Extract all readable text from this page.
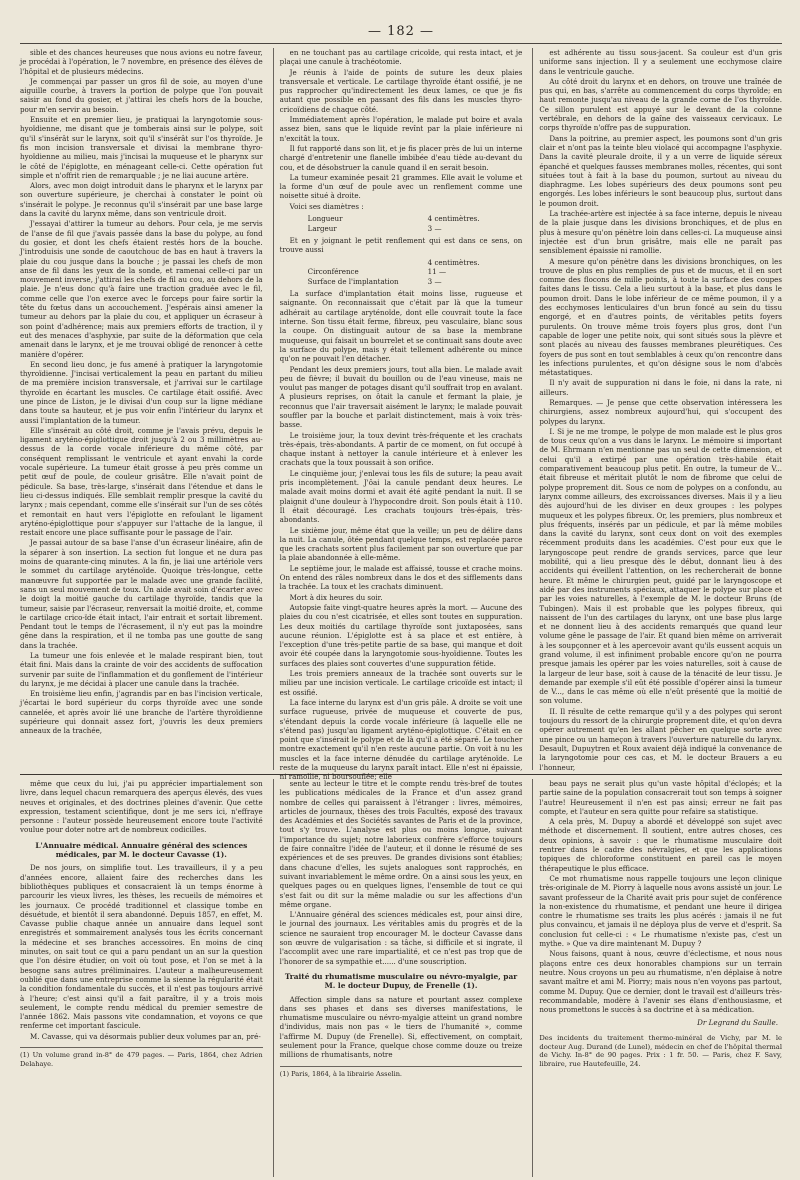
— 182 —

sible et des chances heureuses que nous avions eu notre faveur, je procédai à l'opération, le 7 novembre, en présence des élèves de l'hôpital et de plusieurs médecins.

Je commençai par passer un gros fil de soie, au moyen d'une aiguille courbe, à travers la portion de polype que l'on pouvait saisir au fond du gosier, et j'attirai les chefs hors de la bouche, pour m'en servir au besoin.

Ensuite et en premier lieu, je pratiquai la laryngotomie sous-hyoïdienne, me disant que je tomberais ainsi sur le polype, soit qu'il s'insérât sur le larynx, soit qu'il s'insérât sur l'os thyroïde. Je fis mon incision transversale et divisai la membrane thyro-hyoïdienne au milieu, mais j'incisai la muqueuse et le pharynx sur le côté de l'épiglotte, en ménageant celle-ci. Cette opération fut simple et n'offrit rien de remarquable ; je ne liai aucune artère.

Alors, avec mon doigt introduit dans le pharynx et le larynx par son ouverture supérieure, je cherchai à constater le point où s'insérait le polype. Je reconnus qu'il s'insérait par une base large dans la cavité du larynx même, dans son ventricule droit.

J'essayai d'attirer la tumeur au dehors. Pour cela, je me servis de l'anse de fil que j'avais passée dans la base du polype, au fond du gosier, et dont les chefs étaient restés hors de la bouche. J'introduisis une sonde de caoutchouc de bas en haut à travers la plaie du cou jusque dans la bouche ; je passai les chefs de mon anse de fil dans les yeux de la sonde, et ramenai celle-ci par un mouvement inverse, j'attirai les chefs de fil au cou, au dehors de la plaie. Je n'eus donc qu'à faire une traction graduée avec le fil, comme celle que l'on exerce avec le forceps pour faire sortir la tête du fœtus dans un accouchement. J'espérais ainsi amener la tumeur au dehors par la plaie du cou, et appliquer un écraseur à son point d'adhérence; mais aux premiers efforts de traction, il y eut des menaces d'asphyxie, par suite de la déformation que cela amenait dans le larynx, et je me trouvai obligé de renoncer à cette manière d'opérer.

En second lieu donc, je fus amené à pratiquer la laryngotomie thyroïdienne. J'incisai verticalement la peau en partant du milieu de ma première incision transversale, et j'arrivai sur le cartilage thyroïde en écartant les muscles. Ce cartilage était ossifié. Avec une pince de Liston, je le divisai d'un coup sur la ligne médiane dans toute sa hauteur, et je pus voir enfin l'intérieur du larynx et aussi l'implantation de la tumeur.

Elle s'insérait au côté droit, comme je l'avais prévu, depuis le ligament aryténo-épiglottique droit jusqu'à 2 ou 3 millimètres au-dessus de la corde vocale inférieure du même côté, par conséquent remplissant le ventricule et ayant envahi la corde vocale supérieure. La tumeur était grosse à peu près comme un petit œuf de poule, de couleur grisâtre. Elle n'avait point de pédicule. Sa base, très-large, s'insérait dans l'étendue et dans le lieu ci-dessus indiqués. Elle semblait remplir presque la cavité du larynx ; mais cependant, comme elle s'insérait sur l'un de ses côtés et remontait en haut vers l'épiglotte en refoulant le ligament aryténo-épiglottique pour s'appuyer sur l'attache de la langue, il restait encore une place suffisante pour le passage de l'air.

Je passai autour de sa base l'anse d'un écraseur linéaire, afin de la séparer à son insertion. La section fut longue et ne dura pas moins de quarante-cinq minutes. A la fin, je liai une artériole vers le sommet du cartilage aryténoïde. Quoique très-longue, cette manœuvre fut supportée par le malade avec une grande facilité, sans un seul mouvement de toux. Un aide avait soin d'écarter avec le doigt la moitié gauche du cartilage thyroïde, tandis que la tumeur, saisie par l'écraseur, renversait la moitié droite, et, comme le cartilage crico-ïde était intact, l'air entrait et sortait librement. Pendant tout le temps de l'écrasement, il n'y eut pas la moindre gêne dans la respiration, et il ne tomba pas une goutte de sang dans la trachée.

La tumeur une fois enlevée et le malade respirant bien, tout était fini. Mais dans la crainte de voir des accidents de suffocation survenir par suite de l'inflammation et du gonflement de l'intérieur du larynx, je me décidai à placer une canule dans la trachée.

En troisième lieu enfin, j'agrandis par en bas l'incision verticale, j'écartai le bord supérieur du corps thyroïde avec une sonde cannelée, et après avoir lié une branche de l'artère thyroïdienne supérieure qui donnait assez fort, j'ouvris les deux premiers anneaux de la trachée,

en ne touchant pas au cartilage cricoïde, qui resta intact, et je plaçai une canule à trachéotomie.

Je réunis à l'aide de points de suture les deux plaies transversale et verticale. Le cartilage thyroïde étant ossifié, je ne pus rapprocher qu'indirectement les deux lames, ce que je fis autant que possible en passant des fils dans les muscles thyro-cricoïdiens de chaque côté.

Immédiatement après l'opération, le malade put boire et avala assez bien, sans que le liquide revînt par la plaie inférieure ni n'excitât la toux.

Il fut rapporté dans son lit, et je fis placer près de lui un interne chargé d'entretenir une flanelle imbibée d'eau tiède au-devant du cou, et de désobstruer la canule quand il en serait besoin.

La tumeur examinée pesait 21 grammes. Elle avait le volume et la forme d'un œuf de poule avec un renflement comme une noisette situé à droite.

Voici ses diamètres :

Longueur	4 centimètres.
Largeur	3 —

Et en y joignant le petit renflement qui est dans ce sens, on trouve aussi

4 centimètres.
Circonférence	11 —
Surface de l'implantation	3 —

La surface d'implantation était moins lisse, rugueuse et saignante. On reconnaissait que c'était par là que la tumeur adhérait au cartilage aryténoïde, dont elle couvrait toute la face interne. Son tissu était ferme, fibreux, peu vasculaire, blanc sous la coupe. On distinguait autour de sa base la membrane muqueuse, qui faisait un bourrelet et se continuait sans doute avec la surface du polype, mais y était tellement adhérente ou mince qu'on ne pouvait l'en détacher.

Pendant les deux premiers jours, tout alla bien. Le malade avait peu de fièvre; il buvait du bouillon ou de l'eau vineuse, mais ne voulut pas manger de potages disant qu'il souffrait trop en avalant. A plusieurs reprises, on ôtait la canule et fermant la plaie, je reconnus que l'air traversait aisément le larynx; le malade pouvait souffler par la bouche et parlait distinctement, mais à voix très-basse.

Le troisième jour, la toux devint très-fréquente et les crachats très-épais, très-abondants. A partir de ce moment, on fut occupé à chaque instant à nettoyer la canule intérieure et à enlever les crachats que la toux poussait à son orifice.

Le cinquième jour, j'enlevai tous les fils de suture; la peau avait pris incomplètement. J'ôai la canule pendant deux heures. Le malade avait moins dormi et avait été agité pendant la nuit. Il se plaignit d'une douleur à l'hypocondre droit. Son pouls était à 110. Il était découragé. Les crachats toujours très-épais, très-abondants.

Le sixième jour, même état que la veille; un peu de délire dans la nuit. La canule, ôtée pendant quelque temps, est replacée parce que les crachats sortent plus facilement par son ouverture que par la plaie abandonnée à elle-même.

Le septième jour, le malade est affaissé, tousse et crache moins. On entend des râles nombreux dans le dos et des sifflements dans la trachée. La toux et les crachats diminuent.

Mort à dix heures du soir.

Autopsie faite vingt-quatre heures après la mort. — Aucune des plaies du cou n'est cicatrisée, et elles sont toutes en suppuration. Les deux moitiés du cartilage thyroïde sont juxtaposées, sans aucune réunion. L'épiglotte est à sa place et est entière, à l'exception d'une très-petite partie de sa base, qui manque et doit avoir été coupée dans la laryngotomie sous-hyoïdienne. Toutes les surfaces des plaies sont couvertes d'une suppuration fétide.

Les trois premiers anneaux de la trachée sont ouverts sur le milieu par une incision verticale. Le cartilage cricoïde est intact; il est ossifié.

La face interne du larynx est d'un gris pâle. A droite se voit une surface rugueuse, privée de muqueuse et couverte de pus, s'étendant depuis la corde vocale inférieure (à laquelle elle ne s'étend pas) jusqu'au ligament aryténo-épiglottique. C'était en ce point que s'insérait le polype et de là qu'il a été séparé. Le toucher montre exactement qu'il n'en reste aucune partie. On voit à nu les muscles et la face interne dénudée du cartilage aryténoïde. Le reste de la muqueuse du larynx paraît intact. Elle n'est ni épaissie, ni ramollie, ni boursouflée; elle

est adhérente au tissu sous-jacent. Sa couleur est d'un gris uniforme sans injection. Il y a seulement une ecchymose claire dans le ventricule gauche.

Au côté droit du larynx et en dehors, on trouve une traînée de pus qui, en bas, s'arrête au commencement du corps thyroïde; en haut remonte jusqu'au niveau de la grande corne de l'os thyroïde. Ce sillon purulent est appuyé sur le devant de la colonne vertébrale, en dehors de la gaîne des vaisseaux cervicaux. Le corps thyroïde n'offre pas de suppuration.

Dans la poitrine, au premier aspect, les poumons sont d'un gris clair et n'ont pas la teinte bleu violacé qui accompagne l'asphyxie. Dans la cavité pleurale droite, il y a un verre de liquide séreux épanché et quelques fausses membranes molles, récentes, qui sont situées tout à fait à la base du poumon, surtout au niveau du diaphragme. Les lobes supérieurs des deux poumons sont peu engorgés. Les lobes inférieurs le sont beaucoup plus, surtout dans le poumon droit.

La trachée-artère est injectée à sa face interne, depuis le niveau de la plaie jusque dans les divisions bronchiques, et de plus en plus à mesure qu'on pénètre loin dans celles-ci. La muqueuse ainsi injectée est d'un brun grisâtre, mais elle ne paraît pas sensiblement épaissie ni ramollie.

A mesure qu'on pénètre dans les divisions bronchiques, on les trouve de plus en plus remplies de pus et de mucus, et il en sort comme des flocons de mille points, à toute la surface des coupes faites dans le tissu. Cela a lieu surtout à la base, et plus dans le poumon droit. Dans le lobe inférieur de ce même poumon, il y a des ecchymoses lenticulaires d'un brun foncé au sein du tissu engorgé, et en d'autres points, de véritables petits foyers purulents. On trouve même trois foyers plus gros, dont l'un capable de loger une petite noix, qui sont situés sous la plèvre et sont placés au niveau des fausses membranes pleurétiques. Ces foyers de pus sont en tout semblables à ceux qu'on rencontre dans les infections purulentes, et qu'on désigne sous le nom d'abcès métastatiques.

Il n'y avait de suppuration ni dans le foie, ni dans la rate, ni ailleurs.

Remarques. — Je pense que cette observation intéressera les chirurgiens, assez nombreux aujourd'hui, qui s'occupent des polypes du larynx.

I. Si je ne me trompe, le polype de mon malade est le plus gros de tous ceux qu'on a vus dans le larynx. Le mémoire si important de M. Ehrmann n'en mentionne pas un seul de cette dimension, et celui qu'il a extirpé par une opération très-habile était comparativement beaucoup plus petit. En outre, la tumeur de V... était fibreuse et méritait plutôt le nom de fibrome que celui de polype proprement dit. Sous ce nom de polypes on a confondu, au larynx comme ailleurs, des excroissances diverses. Mais il y a lieu dès aujourd'hui de les diviser en deux groupes : les polypes muqueux et les polypes fibreux. Or, les premiers, plus nombreux et plus fréquents, insérés par un pédicule, et par là même mobiles dans la cavité du larynx, sont ceux dont on voit des exemples récemment produits dans les académies. C'est pour eux que le laryngoscope peut rendre de grands services, parce que leur mobilité, qui a lieu presque dès le début, donnant lieu à des accidents qui éveillent l'attention, on les rechercherait de bonne heure. Et même le chirurgien peut, guidé par le laryngoscope et aidé par des instruments spéciaux, attaquer le polype sur place et par les voies naturelles, à l'exemple de M. le docteur Bruns (de Tubingen). Mais il est probable que les polypes fibreux, qui naissent de l'un des cartilages du larynx, ont une base plus large et ne donnent lieu à des accidents remarqués que quand leur volume gêne le passage de l'air. Et quand bien même on arriverait à les soupçonner et à les apercevoir avant qu'ils eussent acquis un grand volume, il est infiniment probable encore qu'on ne pourra presque jamais les opérer par les voies naturelles, soit à cause de la largeur de leur base, soit à cause de la ténacité de leur tissu. Je demande par exemple s'il eût été possible d'opérer ainsi la tumeur de V..., dans le cas même où elle n'eût présenté que la moitié de son volume.

II. Il résulte de cette remarque qu'il y a des polypes qui seront toujours du ressort de la chirurgie proprement dite, et qu'on devra opérer autrement qu'en les allant pêcher en quelque sorte avec une pince ou un hameçon à travers l'ouverture naturelle du larynx. Desault, Dupuytren et Roux avaient déjà indiqué la convenance de la laryngotomie pour ces cas, et M. le docteur Brauers a eu l'honneur,

même que ceux du lui, j'ai pu apprécier impartialement son livre, dans lequel chacun remarquera des aperçus élevés, des vues neuves et originales, et des doctrines pleines d'avenir. Que cette expression, testament scientifique, dont je me sers ici, n'effraye personne : l'auteur possède heureusement encore toute l'activité voulue pour doter notre art de nombreux codicilles.

L'Annuaire médical. Annuaire général des sciences médicales, par M. le docteur Cavasse (1).

De nos jours, on simplifie tout. Les travailleurs, il y a peu d'années encore, allaient faire des recherches dans les bibliothèques publiques et consacraient là un temps énorme à parcourir les vieux livres, les thèses, les recueils de mémoires et les journaux. Ce procédé traditionnel et classique tombe en désuétude, et bientôt il sera abandonné. Depuis 1857, en effet, M. Cavasse publie chaque année un annuaire dans lequel sont enregistrés et sommairement analysés tous les écrits concernant la médecine et ses branches accessoires. En moins de cinq minutes, on sait tout ce qui a paru pendant un an sur la question que l'on désire étudier, on voit où tout pose, et l'on se met à la besogne sans autres préliminaires. L'auteur a malheureusement oublié que dans une entreprise comme la sienne la régularité était la condition fondamentale du succès, et il n'est pas toujours arrivé à l'heure; c'est ainsi qu'il a fait paraître, il y a trois mois seulement, le compte rendu médical du premier semestre de l'année 1862. Mais passons vite condamnation, et voyons ce que renferme cet important fascicule.

M. Cavasse, qui va désormais publier deux volumes par an, pré-

(1) Un volume grand in-8° de 479 pages. — Paris, 1864, chez Adrien Delahaye.

sente au lecteur le titre et le compte rendu très-bref de toutes les publications médicales de la France et d'un assez grand nombre de celles qui paraissent à l'étranger : livres, mémoires, articles de journaux, thèses des trois Facultés, exposé des travaux des Académies et des Sociétés savantes de Paris et de la province, tout s'y trouve. L'analyse est plus ou moins longue, suivant l'importance du sujet; notre laborieux confrère s'efforce toujours de faire connaître l'idée de l'auteur, et il donne le résumé de ses expériences et de ses preuves. De grandes divisions sont établies; dans chacune d'elles, les sujets analogues sont rapprochés, en suivant invariablement le même ordre. On a ainsi sous les yeux, en quelques pages ou en quelques lignes, l'ensemble de tout ce qui s'est fait ou dit sur la même maladie ou sur les affections d'un même organe.

L'Annuaire général des sciences médicales est, pour ainsi dire, le journal des journaux. Les véritables amis du progrès et de la science ne sauraient trop encourager M. le docteur Cavasse dans son œuvre de vulgarisation : sa tâche, si difficile et si ingrate, il l'accomplit avec une rare impartialité, et ce n'est pas trop que de l'honorer de sa sympathie et...... d'une souscription.

Traité du rhumatisme musculaire ou névro-myalgie, par M. le docteur Dupuy, de Frenelle (1).

Affection simple dans sa nature et pourtant assez complexe dans ses phases et dans ses diverses manifestations, le rhumatisme musculaire ou névro-myalgie atteint un grand nombre d'individus, mais non pas « le tiers de l'humanité », comme l'affirme M. Dupuy (de Frenelle). Si, effectivement, on comptait, seulement pour la France, quelque chose comme douze ou treize millions de rhumatisants, notre

(1) Paris, 1864, à la librairie Asselin.

beau pays ne serait plus qu'un vaste hôpital d'éclopés; et la partie saine de la population consacrerait tout son temps à soigner l'autre! Heureusement il n'en est pas ainsi; erreur ne fait pas compte, et l'auteur en sera quitte pour refaire sa statistique.

A cela près, M. Dupuy a abordé et développé son sujet avec méthode et discernement. Il soutient, entre autres choses, ces deux opinions, à savoir : que le rhumatisme musculaire doit rentrer dans le cadre des névralgies, et que les applications topiques de chloroforme constituent en pareil cas le moyen thérapeutique le plus efficace.

Ce mot rhumatisme nous rappelle toujours une leçon clinique très-originale de M. Piorry à laquelle nous avons assisté un jour. Le savant professeur de la Charité avait pris pour sujet de conférence la non-existence du rhumatisme, et pendant une heure il dirigea contre le rhumatisme ses traits les plus acérés : jamais il ne fut plus convaincu, et jamais il ne déploya plus de verve et d'esprit. Sa conclusion fut celle-ci : « Le rhumatisme n'existe pas, c'est un mythe. » Que va dire maintenant M. Dupuy ?

Nous faisons, quant à nous, œuvre d'éclectisme, et nous nous plaçons entre ces deux honorables champions sur un terrain neutre. Nous croyons un peu au rhumatisme, n'en déplaise à notre savant maître et ami M. Piorry; mais nous n'en voyons pas partout, comme M. Dupuy. Que ce dernier, dont le travail est d'ailleurs très-recommandable, modère à l'avenir ses élans d'enthousiasme, et nous promettons le succès à sa doctrine et à sa médication.

Dr Legrand du Saulle.
Des incidents du traitement thermo-minéral de Vichy, par M. le docteur Aug. Durand (de Lunel), médecin en chef de l'hôpital thermal de Vichy. In-8° de 90 pages. Prix : 1 fr. 50. — Paris, chez F. Savy, libraire, rue Hautefeuille, 24.
